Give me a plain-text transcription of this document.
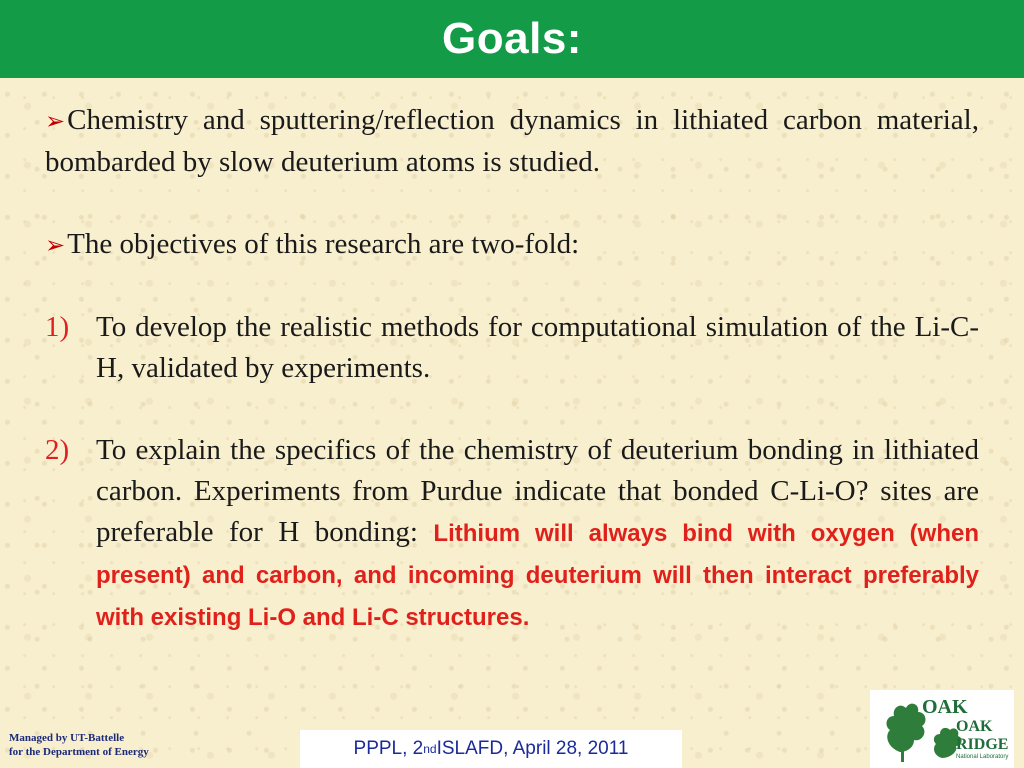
Goals:

➢Chemistry and sputtering/reflection dynamics in lithiated carbon material, bombarded by slow deuterium atoms is studied.

➢The objectives of this research are two-fold:

1) To develop the realistic methods for computational simulation of the Li-C-H, validated by experiments.
2) To explain the specifics of the chemistry of deuterium bonding in lithiated carbon. Experiments from Purdue indicate that bonded C-Li-O? sites are preferable for H bonding: Lithium will always bind with oxygen (when present) and carbon, and incoming deuterium will then interact preferably with existing Li-O and Li-C structures.
Managed by UT-Battelle
for the Department of Energy	PPPL, 2 nd ISLAFD, April 28, 2011
OAK
OAK
RIDGE
National Laboratory
